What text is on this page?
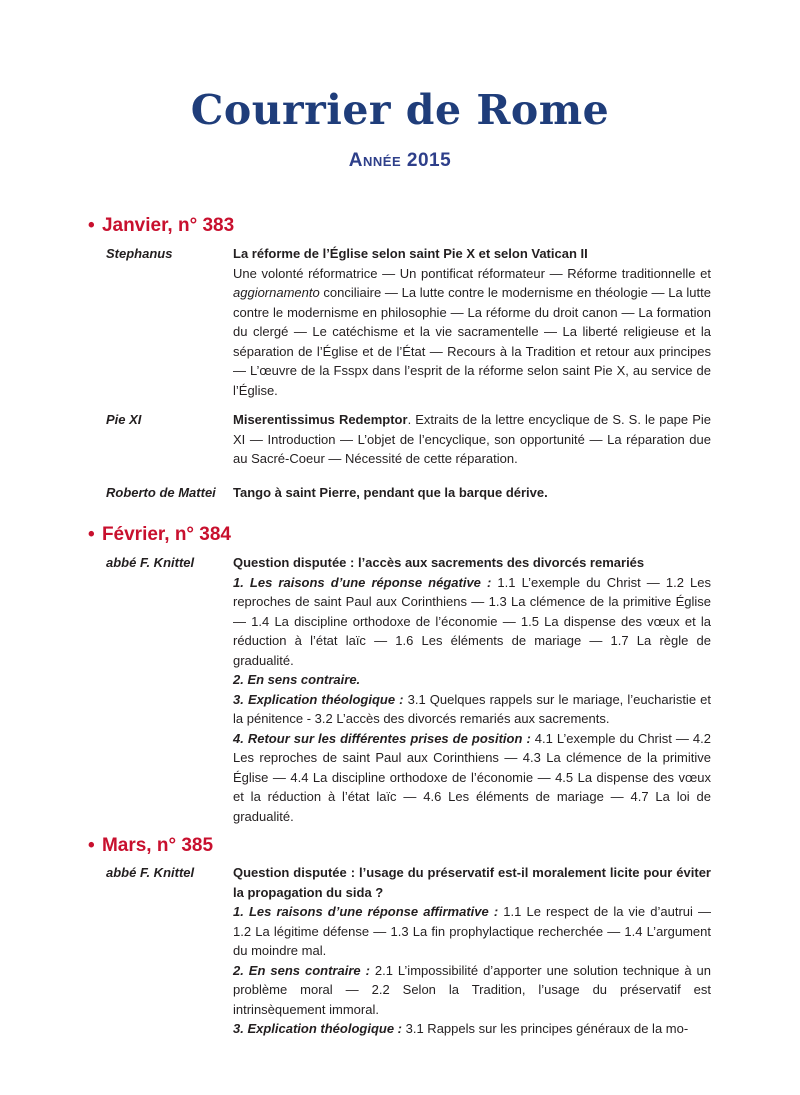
Courrier de Rome
Année 2015
• Janvier, n° 383
Stephanus	La réforme de l’Église selon saint Pie X et selon Vatican II

Une volonté réformatrice — Un pontificat réformateur — Réforme traditionnelle et aggiornamento conciliaire — La lutte contre le modernisme en théologie — La lutte contre le modernisme en philosophie — La réforme du droit canon — La formation du clergé — Le catéchisme et la vie sacramentelle — La liberté religieuse et la séparation de l’Église et de l’État — Recours à la Tradition et retour aux principes — L’œuvre de la Fsspx dans l’esprit de la réforme selon saint Pie X, au service de l’Église.

Pie XI	Miserentissimus Redemptor. Extraits de la lettre encyclique de S. S. le pape Pie XI — Introduction — L’objet de l’encyclique, son opportunité — La réparation due au Sacré-Coeur — Nécessité de cette réparation.

Roberto de Mattei	Tango à saint Pierre, pendant que la barque dérive.

• Février, n° 384
abbé F. Knittel	Question disputée : l’accès aux sacrements des divorcés remariés

1. Les raisons d’une réponse négative : 1.1 L’exemple du Christ — 1.2 Les reproches de saint Paul aux Corinthiens — 1.3 La clémence de la primitive Église — 1.4 La discipline orthodoxe de l’économie — 1.5 La dispense des vœux et la réduction à l’état laïc — 1.6 Les éléments de mariage — 1.7 La règle de gradualité.

2. En sens contraire.

3. Explication théologique : 3.1 Quelques rappels sur le mariage, l’eucharistie et la pénitence - 3.2 L’accès des divorcés remariés aux sacrements.

4. Retour sur les différentes prises de position : 4.1 L’exemple du Christ — 4.2 Les reproches de saint Paul aux Corinthiens — 4.3 La clémence de la primitive Église — 4.4 La discipline orthodoxe de l’économie — 4.5 La dispense des vœux et la réduction à l’état laïc — 4.6 Les éléments de mariage — 4.7 La loi de gradualité.

• Mars, n° 385
abbé F. Knittel	Question disputée : l’usage du préservatif est-il moralement licite pour éviter la propagation du sida ?

1. Les raisons d’une réponse affirmative : 1.1 Le respect de la vie d’autrui — 1.2 La légitime défense — 1.3 La fin prophylactique recherchée — 1.4 L’argument du moindre mal.

2. En sens contraire : 2.1 L’impossibilité d’apporter une solution technique à un problème moral — 2.2 Selon la Tradition, l’usage du préservatif est intrinsèquement immoral.

3. Explication théologique : 3.1 Rappels sur les principes généraux de la mo-
